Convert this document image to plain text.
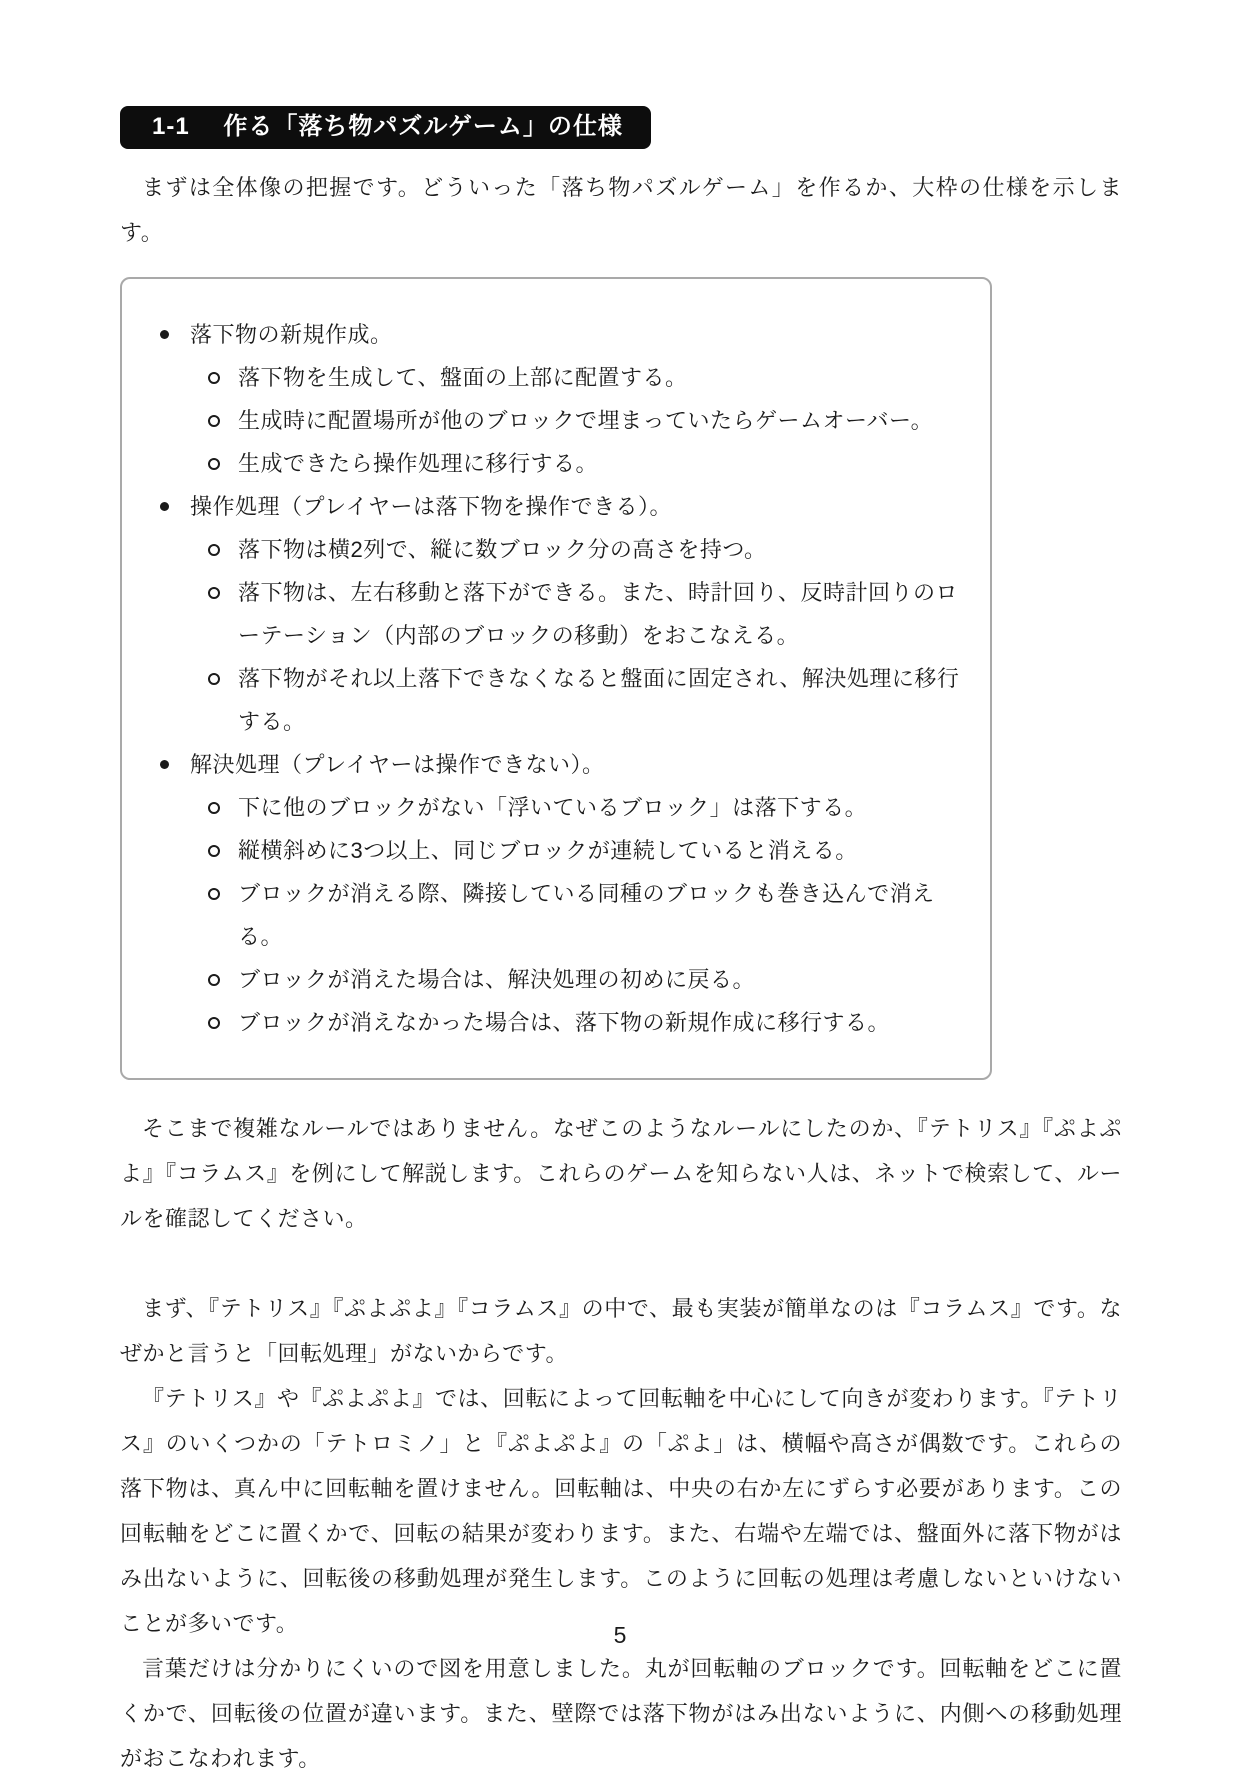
1-1 作る「落ち物パズルゲーム」の仕様

まずは全体像の把握です。どういった「落ち物パズルゲーム」を作るか、大枠の仕様を示します。

落下物の新規作成。
落下物を生成して、盤面の上部に配置する。
生成時に配置場所が他のブロックで埋まっていたらゲームオーバー。
生成できたら操作処理に移行する。
操作処理（プレイヤーは落下物を操作できる）。
落下物は横2列で、縦に数ブロック分の高さを持つ。
落下物は、左右移動と落下ができる。また、時計回り、反時計回りのローテーション（内部のブロックの移動）をおこなえる。
落下物がそれ以上落下できなくなると盤面に固定され、解決処理に移行する。
解決処理（プレイヤーは操作できない）。
下に他のブロックがない「浮いているブロック」は落下する。
縦横斜めに3つ以上、同じブロックが連続していると消える。
ブロックが消える際、隣接している同種のブロックも巻き込んで消える。
ブロックが消えた場合は、解決処理の初めに戻る。
ブロックが消えなかった場合は、落下物の新規作成に移行する。

そこまで複雑なルールではありません。なぜこのようなルールにしたのか、『テトリス』『ぷよぷよ』『コラムス』を例にして解説します。これらのゲームを知らない人は、ネットで検索して、ルールを確認してください。

まず、『テトリス』『ぷよぷよ』『コラムス』の中で、最も実装が簡単なのは『コラムス』です。なぜかと言うと「回転処理」がないからです。

『テトリス』や『ぷよぷよ』では、回転によって回転軸を中心にして向きが変わります。『テトリス』のいくつかの「テトロミノ」と『ぷよぷよ』の「ぷよ」は、横幅や高さが偶数です。これらの落下物は、真ん中に回転軸を置けません。回転軸は、中央の右か左にずらす必要があります。この回転軸をどこに置くかで、回転の結果が変わります。また、右端や左端では、盤面外に落下物がはみ出ないように、回転後の移動処理が発生します。このように回転の処理は考慮しないといけないことが多いです。

言葉だけは分かりにくいので図を用意しました。丸が回転軸のブロックです。回転軸をどこに置くかで、回転後の位置が違います。また、壁際では落下物がはみ出ないように、内側への移動処理がおこなわれます。

5
